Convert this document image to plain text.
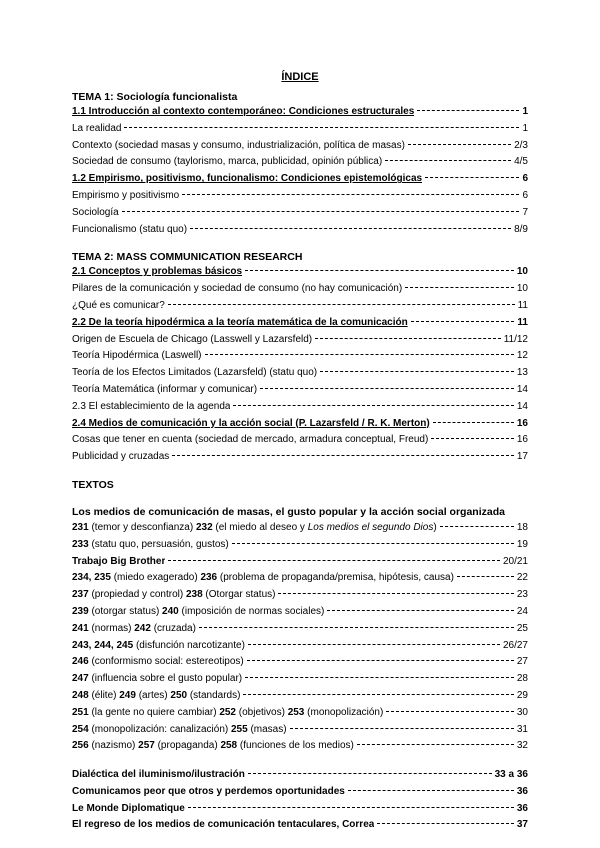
ÍNDICE
TEMA 1: Sociología funcionalista
1.1 Introducción al contexto contemporáneo: Condiciones estructurales	1
La realidad	1
Contexto (sociedad masas y consumo, industrialización, política de masas)	2/3
Sociedad de consumo (taylorismo, marca, publicidad, opinión pública)	4/5
1.2 Empirismo, positivismo, funcionalismo: Condiciones epistemológicas	6
Empirismo y positivismo	6
Sociología	7
Funcionalismo (statu quo)	8/9
TEMA 2: MASS COMMUNICATION RESEARCH
2.1 Conceptos y problemas básicos	10
Pilares de la comunicación y sociedad de consumo (no hay comunicación)	10
¿Qué es comunicar?	11
2.2 De la teoría hipodérmica a la teoría matemática de la comunicación	11
Origen de Escuela de Chicago (Lasswell y Lazarsfeld)	11/12
Teoría Hipodérmica (Laswell)	12
Teoría de los Efectos Limitados (Lazarsfeld) (statu quo)	13
Teoría Matemática (informar y comunicar)	14
2.3 El establecimiento de la agenda	14
2.4 Medios de comunicación y la acción social (P. Lazarsfeld / R. K. Merton)	16
Cosas que tener en cuenta (sociedad de mercado, armadura conceptual, Freud)	16
Publicidad y cruzadas	17
TEXTOS
Los medios de comunicación de masas, el gusto popular y la acción social organizada
231 (temor y desconfianza) 232 (el miedo al deseo y Los medios el segundo Dios)	18
233 (statu quo, persuasión, gustos)	19
Trabajo Big Brother	20/21
234, 235 (miedo exagerado) 236 (problema de propaganda/premisa, hipótesis, causa)	22
237 (propiedad y control) 238 (Otorgar status)	23
239 (otorgar status) 240 (imposición de normas sociales)	24
241 (normas) 242 (cruzada)	25
243, 244, 245 (disfunción narcotizante)	26/27
246 (conformismo social: estereotipos)	27
247 (influencia sobre el gusto popular)	28
248 (élite) 249 (artes) 250 (standards)	29
251 (la gente no quiere cambiar) 252 (objetivos) 253 (monopolización)	30
254 (monopolización: canalización) 255 (masas)	31
256 (nazismo) 257 (propaganda) 258 (funciones de los medios)	32
Dialéctica del iluminismo/ilustración	33 a 36
Comunicamos peor que otros y perdemos oportunidades	36
Le Monde Diplomatique	36
El regreso de los medios de comunicación tentaculares, Correa	37
